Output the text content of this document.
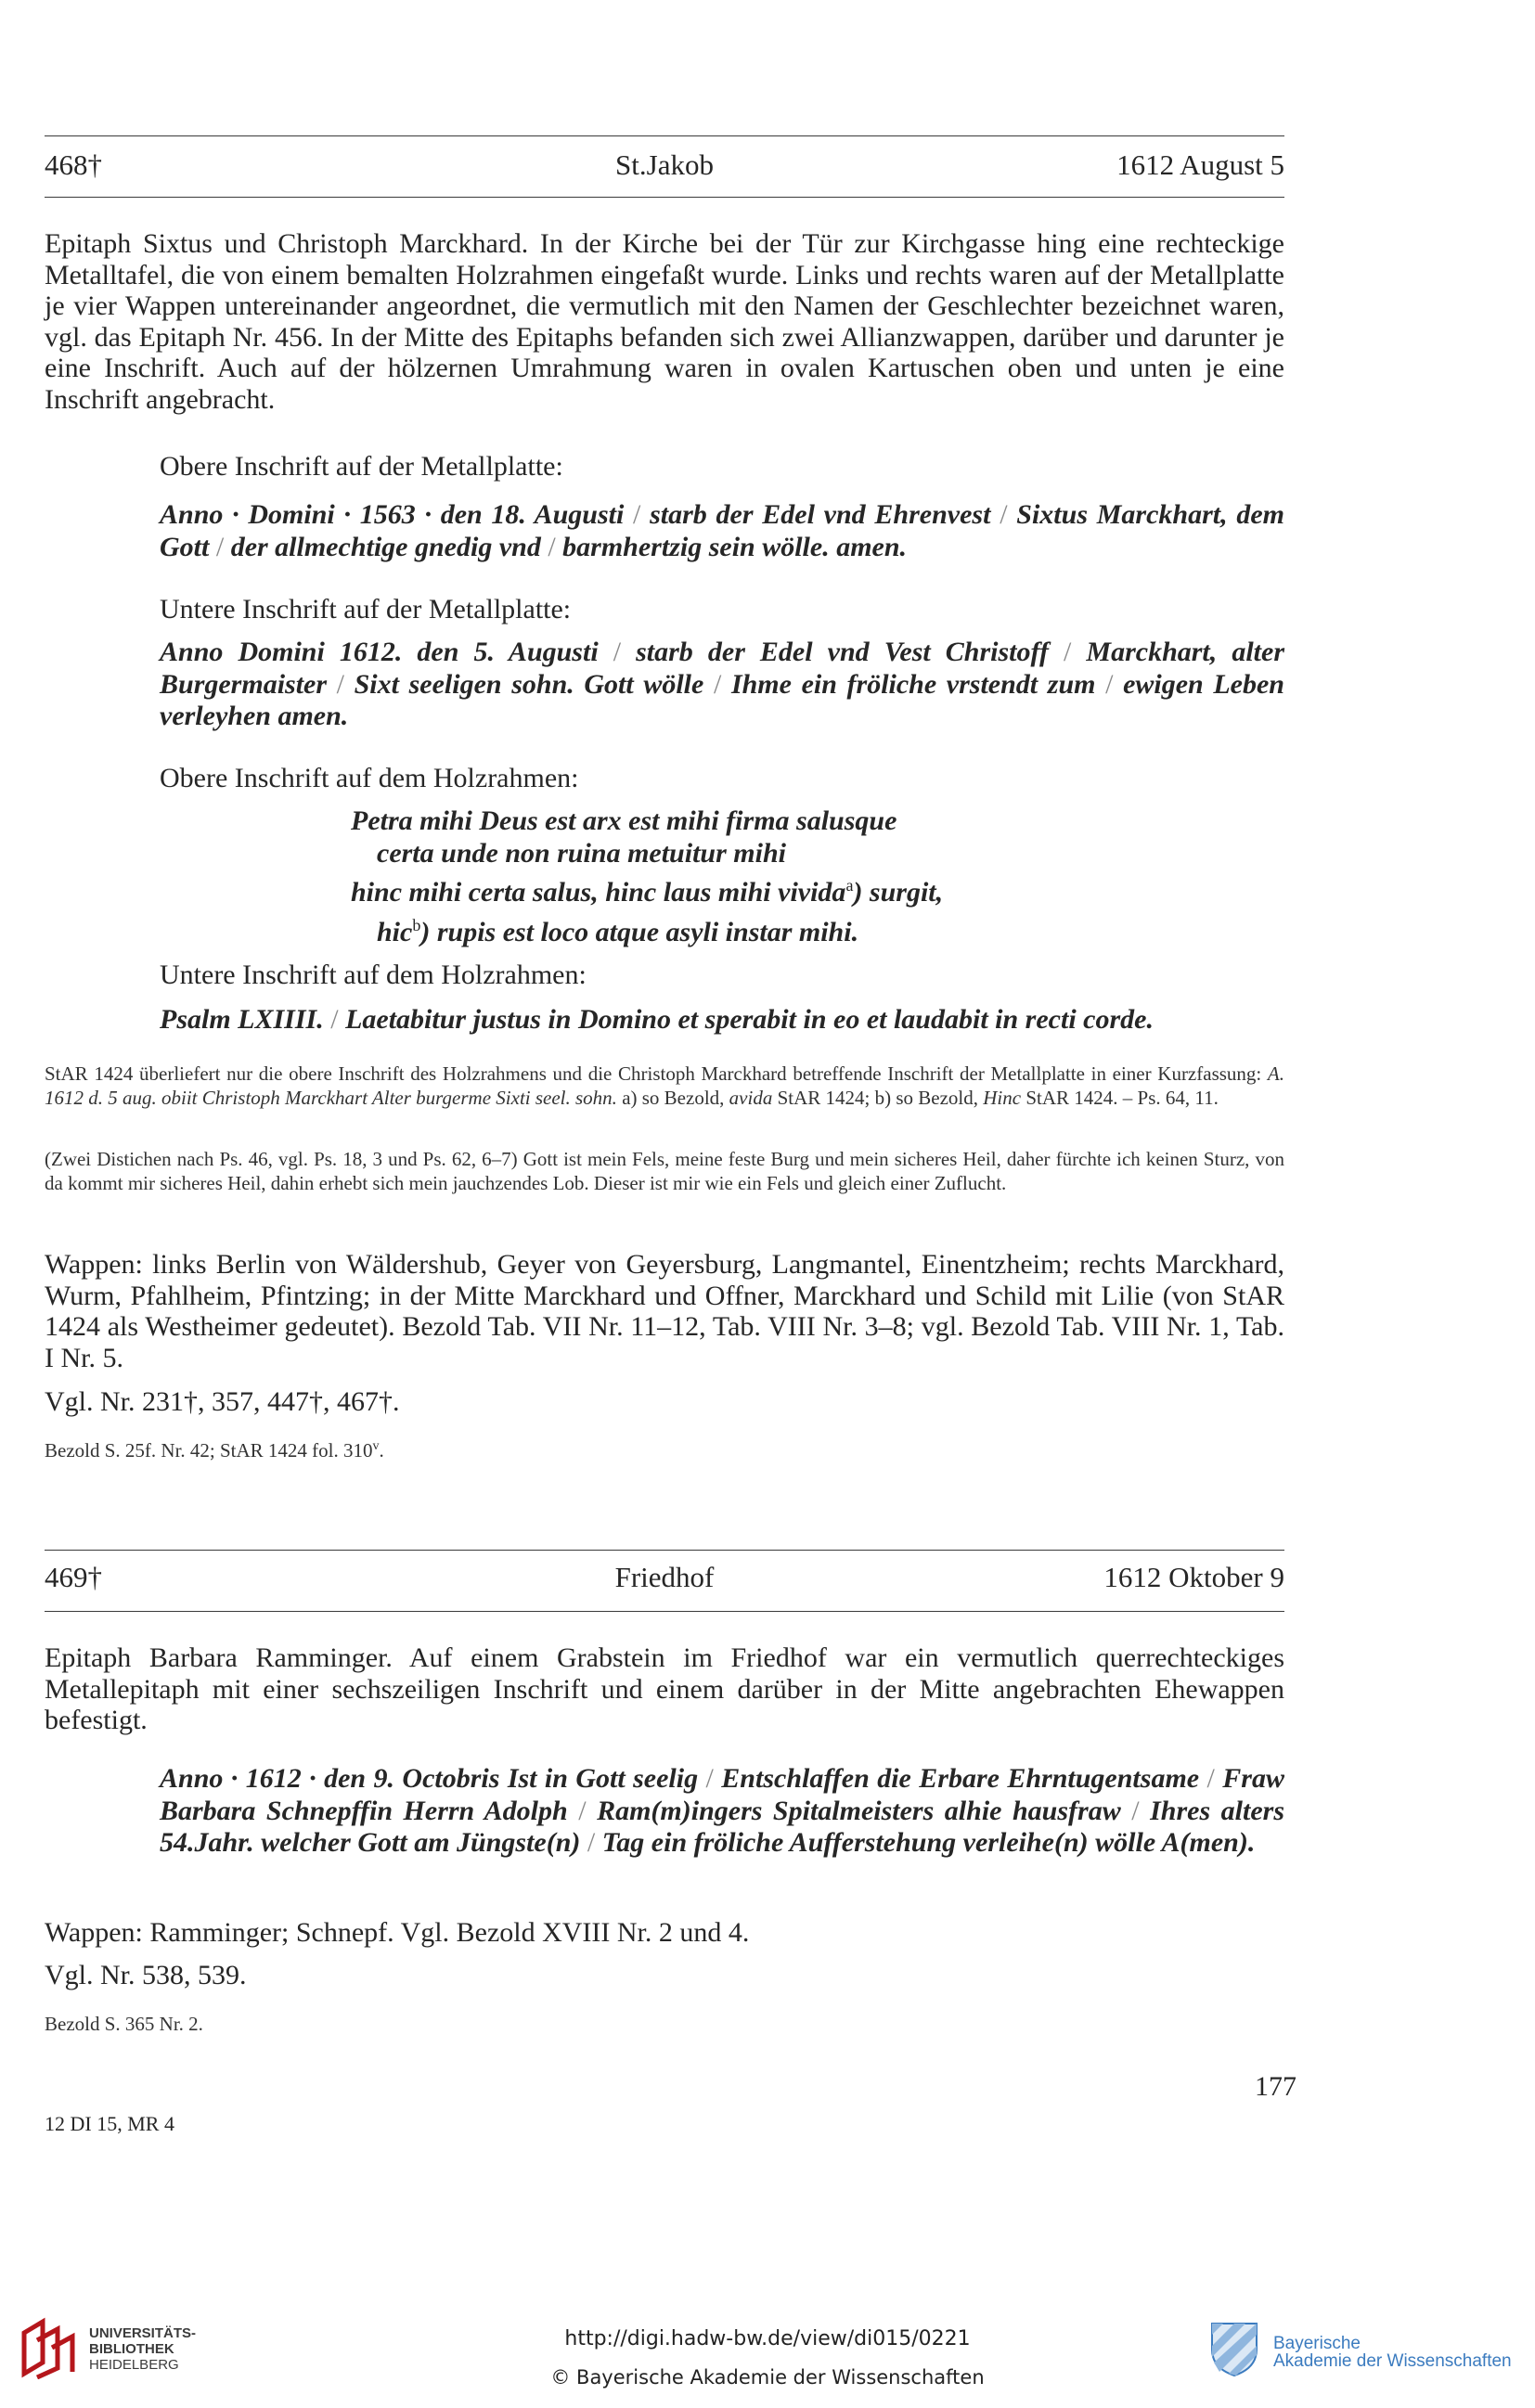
468†	St.Jakob	1612 August 5
Epitaph Sixtus und Christoph Marckhard. In der Kirche bei der Tür zur Kirchgasse hing eine rechteckige Metalltafel, die von einem bemalten Holzrahmen eingefaßt wurde. Links und rechts waren auf der Metallplatte je vier Wappen untereinander angeordnet, die vermutlich mit den Namen der Geschlechter bezeichnet waren, vgl. das Epitaph Nr. 456. In der Mitte des Epitaphs befanden sich zwei Allianzwappen, darüber und darunter je eine Inschrift. Auch auf der hölzernen Umrahmung waren in ovalen Kartuschen oben und unten je eine Inschrift angebracht.
Obere Inschrift auf der Metallplatte:
Anno · Domini · 1563 · den 18. Augusti / starb der Edel vnd Ehrenvest / Sixtus Marckhart, dem Gott / der allmechtige gnedig vnd / barmhertzig sein wölle. amen.
Untere Inschrift auf der Metallplatte:
Anno Domini 1612. den 5. Augusti / starb der Edel vnd Vest Christoff / Marckhart, alter Burgermaister / Sixt seeligen sohn. Gott wölle / Ihme ein fröliche vrstendt zum / ewigen Leben verleyhen amen.
Obere Inschrift auf dem Holzrahmen:
Petra mihi Deus est arx est mihi firma salusque
certa unde non ruina metuitur mihi
hinc mihi certa salus, hinc laus mihi vivida$^a$) surgit,
hic$^b$) rupis est loco atque asyli instar mihi.
Untere Inschrift auf dem Holzrahmen:
Psalm LXIIII. / Laetabitur justus in Domino et sperabit in eo et laudabit in recti corde.
StAR 1424 überliefert nur die obere Inschrift des Holzrahmens und die Christoph Marckhard betreffende Inschrift der Metallplatte in einer Kurzfassung: A. 1612 d. 5 aug. obiit Christoph Marckhart Alter burgerme Sixti seel. sohn. a) so Bezold, avida StAR 1424; b) so Bezold, Hinc StAR 1424. – Ps. 64, 11.
(Zwei Distichen nach Ps. 46, vgl. Ps. 18, 3 und Ps. 62, 6–7) Gott ist mein Fels, meine feste Burg und mein sicheres Heil, daher fürchte ich keinen Sturz, von da kommt mir sicheres Heil, dahin erhebt sich mein jauchzendes Lob. Dieser ist mir wie ein Fels und gleich einer Zuflucht.
Wappen: links Berlin von Wäldershub, Geyer von Geyersburg, Langmantel, Einentzheim; rechts Marckhard, Wurm, Pfahlheim, Pfintzing; in der Mitte Marckhard und Offner, Marckhard und Schild mit Lilie (von StAR 1424 als Westheimer gedeutet). Bezold Tab. VII Nr. 11–12, Tab. VIII Nr. 3–8; vgl. Bezold Tab. VIII Nr. 1, Tab. I Nr. 5.
Vgl. Nr. 231†, 357, 447†, 467†.
Bezold S. 25f. Nr. 42; StAR 1424 fol. 310$^v$.
469†	Friedhof	1612 Oktober 9
Epitaph Barbara Ramminger. Auf einem Grabstein im Friedhof war ein vermutlich querrechteckiges Metallepitaph mit einer sechszeiligen Inschrift und einem darüber in der Mitte angebrachten Ehewappen befestigt.
Anno · 1612 · den 9. Octobris Ist in Gott seelig / Entschlaffen die Erbare Ehrntugentsame / Fraw Barbara Schnepffin Herrn Adolph / Ram(m)ingers Spitalmeisters alhie hausfraw / Ihres alters 54.Jahr. welcher Gott am Jüngste(n) / Tag ein fröliche Aufferstehung verleihe(n) wölle A(men).
Wappen: Ramminger; Schnepf. Vgl. Bezold XVIII Nr. 2 und 4.
Vgl. Nr. 538, 539.
Bezold S. 365 Nr. 2.
177
12 DI 15, MR 4
UNIVERSITÄTS-
BIBLIOTHEK
HEIDELBERG
http://digi.hadw-bw.de/view/di015/0221
© Bayerische Akademie der Wissenschaften
Bayerische
Akademie der Wissenschaften
